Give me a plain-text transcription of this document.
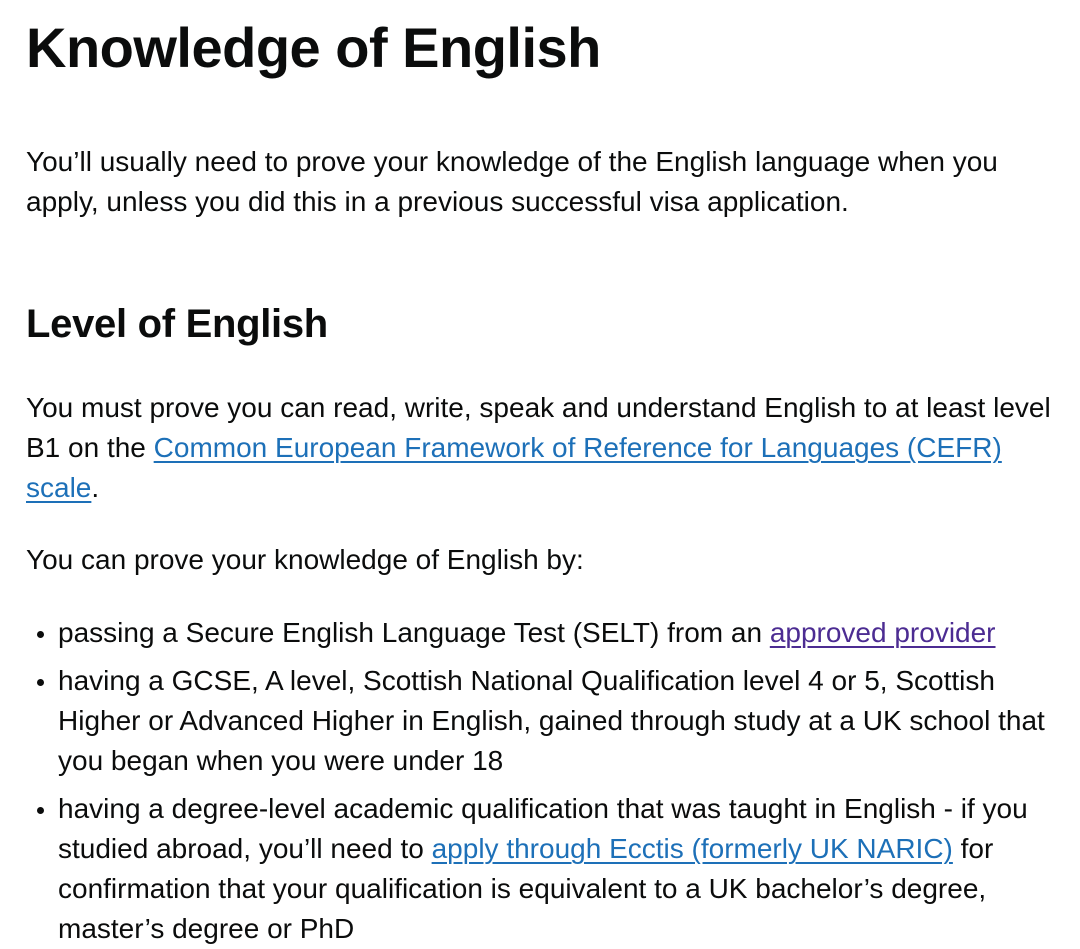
Knowledge of English

You’ll usually need to prove your knowledge of the English language when you apply, unless you did this in a previous successful visa application.

Level of English

You must prove you can read, write, speak and understand English to at least level B1 on the Common European Framework of Reference for Languages (CEFR) scale.

You can prove your knowledge of English by:

• passing a Secure English Language Test (SELT) from an approved provider
• having a GCSE, A level, Scottish National Qualification level 4 or 5, Scottish Higher or Advanced Higher in English, gained through study at a UK school that you began when you were under 18
• having a degree-level academic qualification that was taught in English - if you studied abroad, you’ll need to apply through Ecctis (formerly UK NARIC) for confirmation that your qualification is equivalent to a UK bachelor’s degree, master’s degree or PhD
